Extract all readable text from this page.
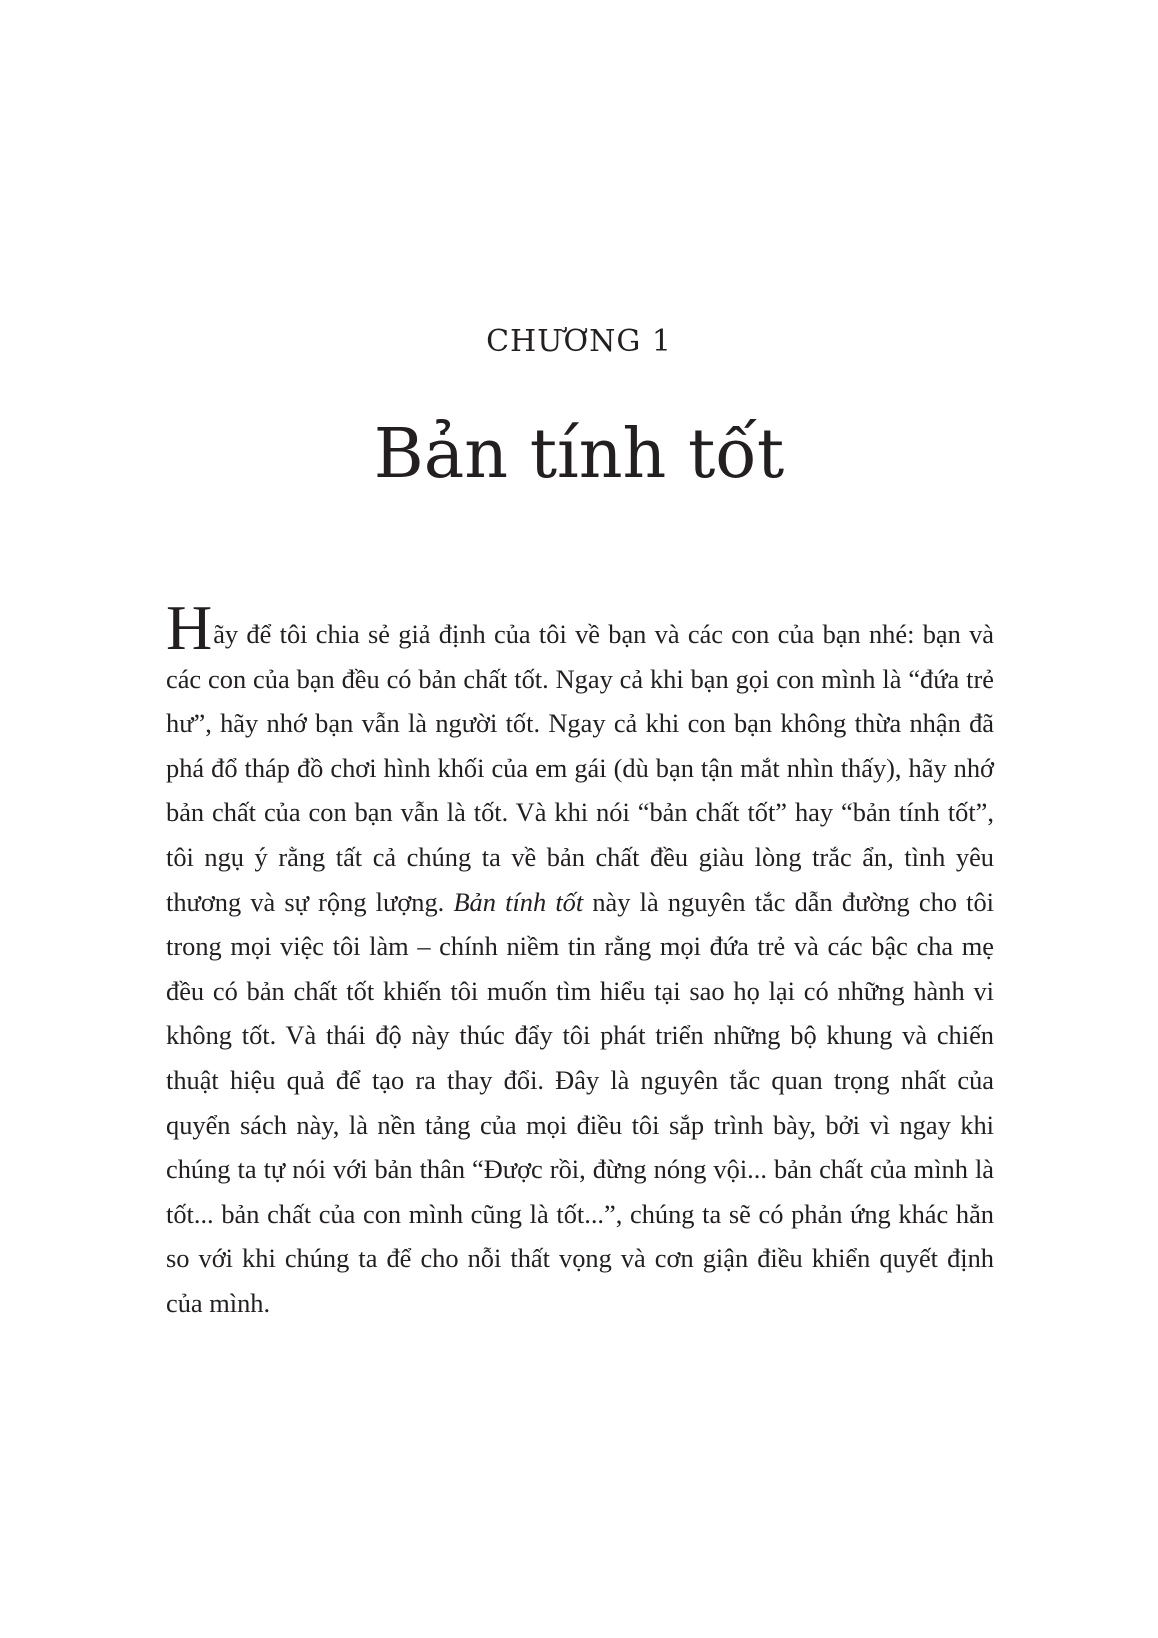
CHƯƠNG 1
Bản tính tốt

Hãy để tôi chia sẻ giả định của tôi về bạn và các con của bạn nhé: bạn và các con của bạn đều có bản chất tốt. Ngay cả khi bạn gọi con mình là “đứa trẻ hư”, hãy nhớ bạn vẫn là người tốt. Ngay cả khi con bạn không thừa nhận đã phá đổ tháp đồ chơi hình khối của em gái (dù bạn tận mắt nhìn thấy), hãy nhớ bản chất của con bạn vẫn là tốt. Và khi nói “bản chất tốt” hay “bản tính tốt”, tôi ngụ ý rằng tất cả chúng ta về bản chất đều giàu lòng trắc ẩn, tình yêu thương và sự rộng lượng. Bản tính tốt này là nguyên tắc dẫn đường cho tôi trong mọi việc tôi làm – chính niềm tin rằng mọi đứa trẻ và các bậc cha mẹ đều có bản chất tốt khiến tôi muốn tìm hiểu tại sao họ lại có những hành vi không tốt. Và thái độ này thúc đẩy tôi phát triển những bộ khung và chiến thuật hiệu quả để tạo ra thay đổi. Đây là nguyên tắc quan trọng nhất của quyển sách này, là nền tảng của mọi điều tôi sắp trình bày, bởi vì ngay khi chúng ta tự nói với bản thân “Được rồi, đừng nóng vội... bản chất của mình là tốt... bản chất của con mình cũng là tốt...”, chúng ta sẽ có phản ứng khác hẳn so với khi chúng ta để cho nỗi thất vọng và cơn giận điều khiển quyết định của mình.
